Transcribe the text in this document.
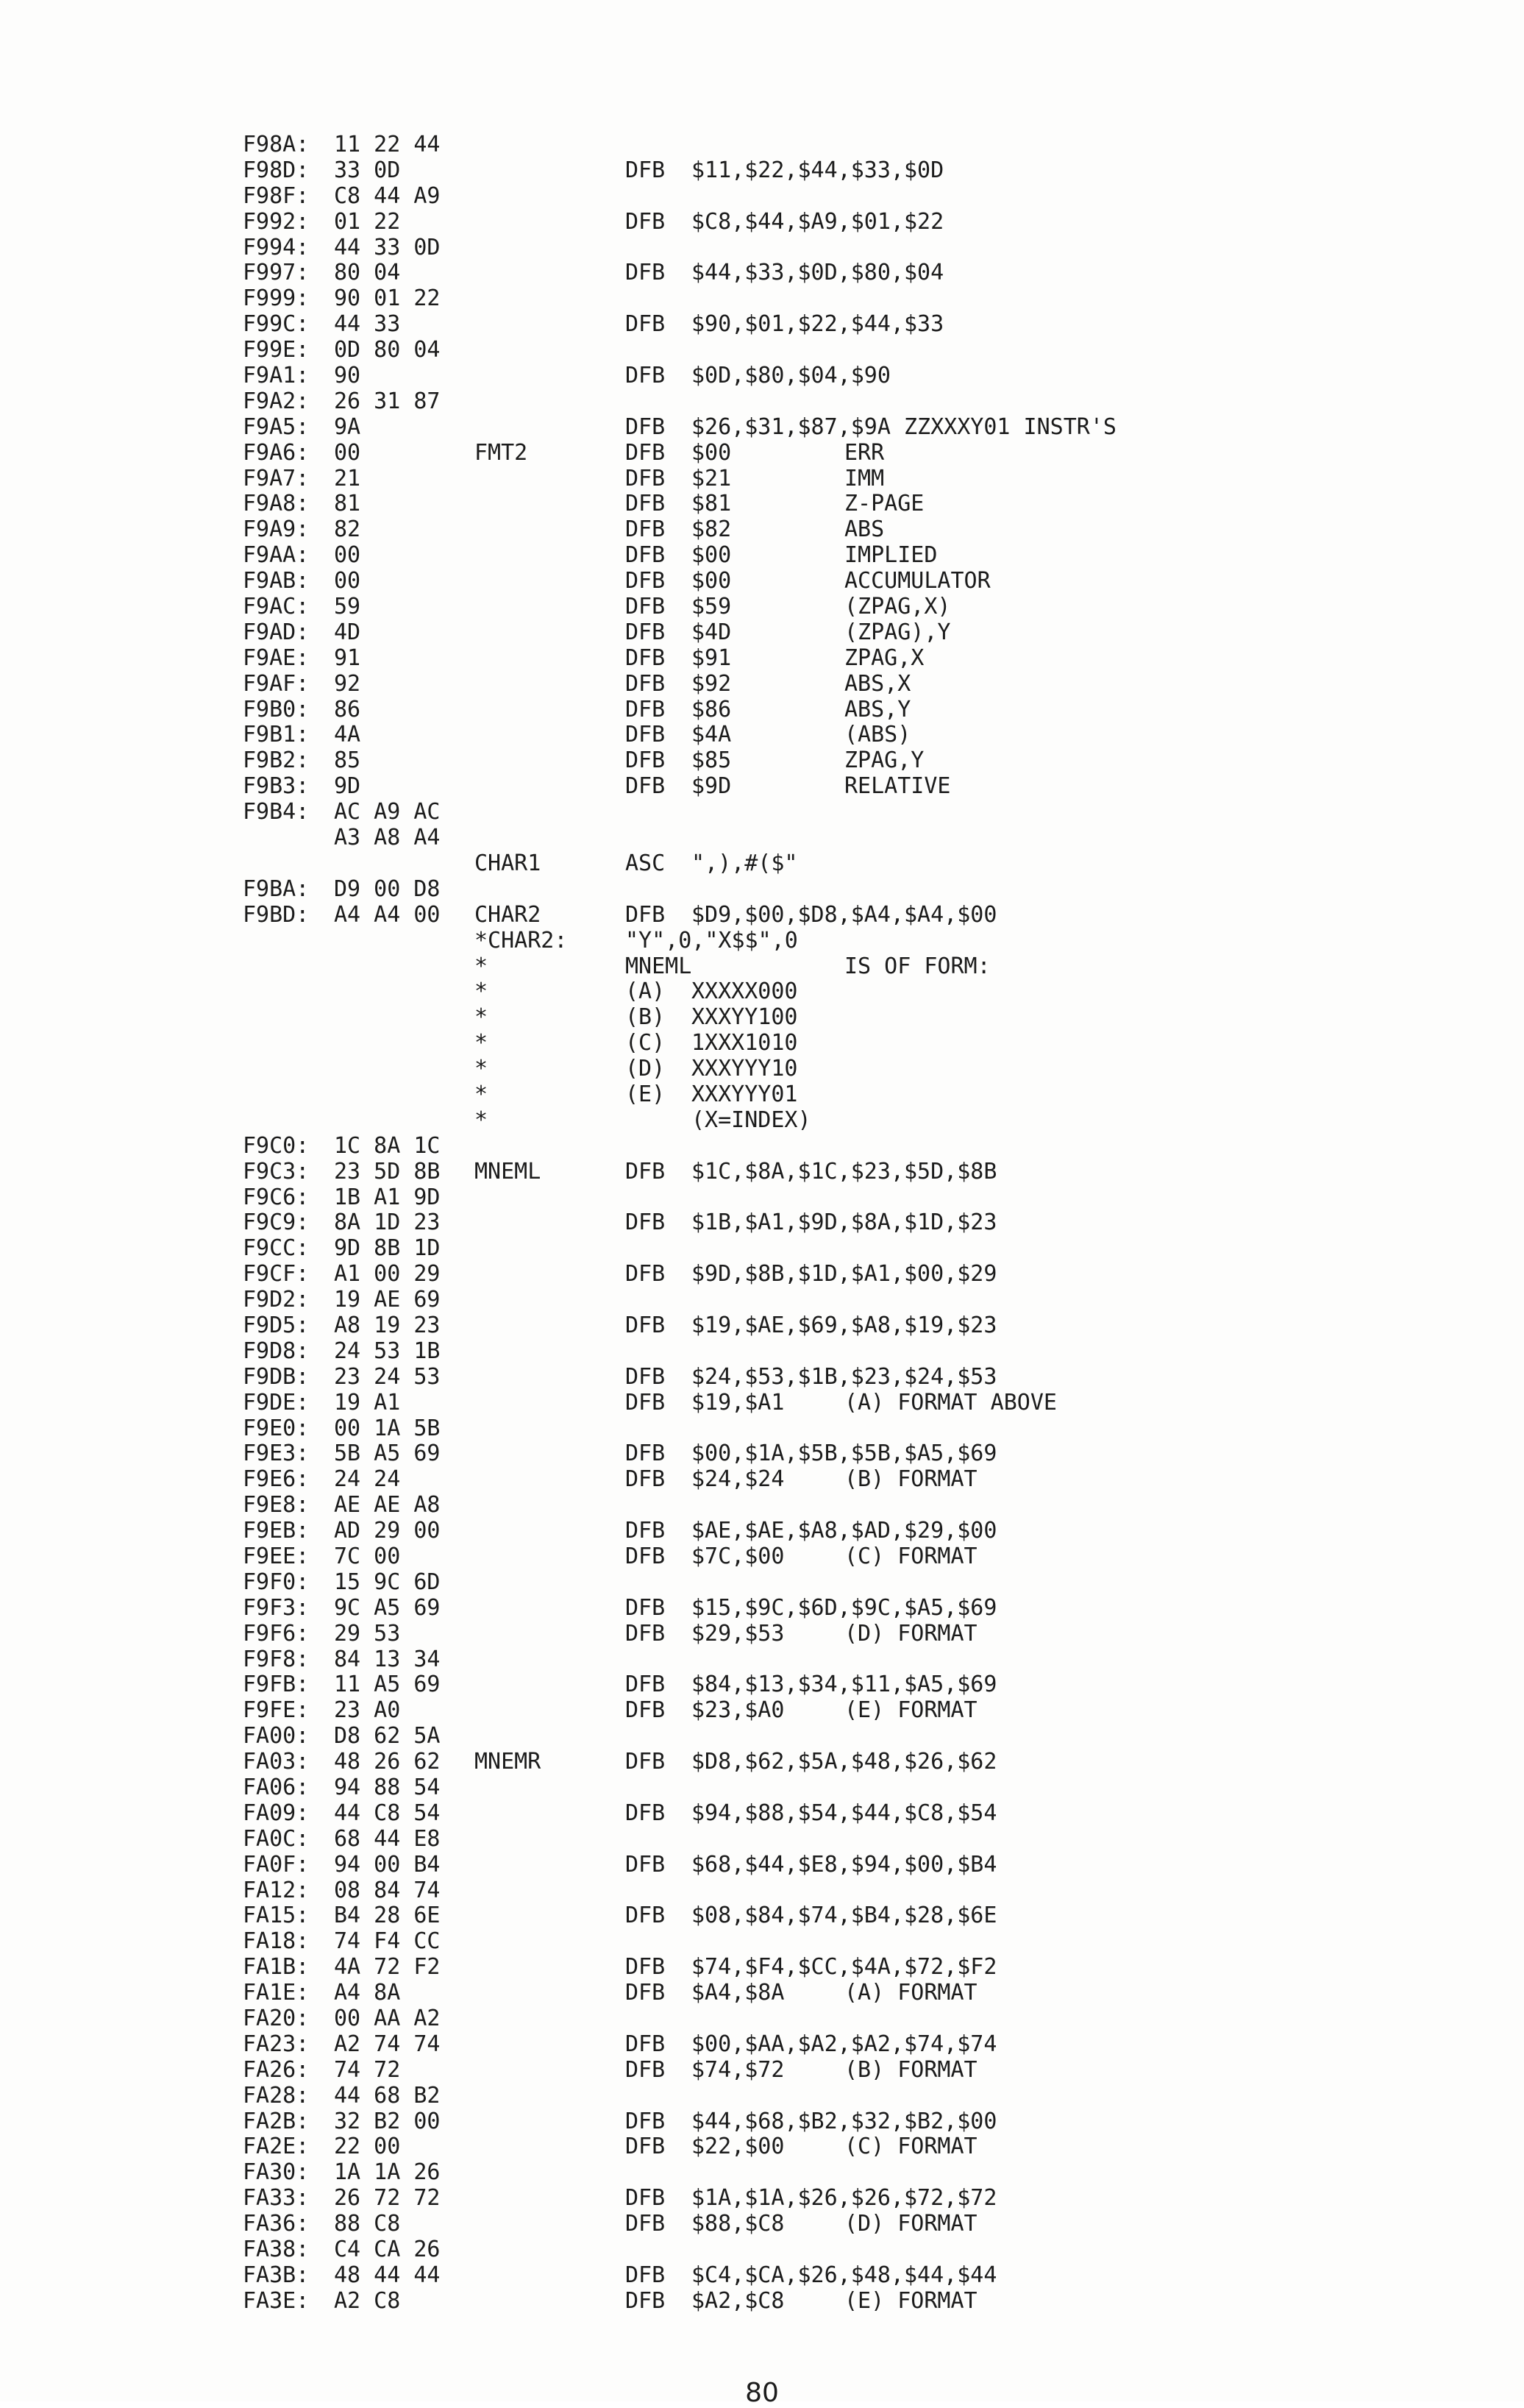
F98A: 11 22 44
F98D: 33 0D	DFB $11,$22,$44,$33,$0D
F98F: C8 44 A9
F992: 01 22	DFB $C8,$44,$A9,$01,$22
F994: 44 33 0D
F997: 80 04	DFB $44,$33,$0D,$80,$04
F999: 90 01 22
F99C: 44 33	DFB $90,$01,$22,$44,$33
F99E: 0D 80 04
F9A1: 90	DFB $0D,$80,$04,$90
F9A2: 26 31 87
F9A5: 9A	DFB $26,$31,$87,$9A ZZXXXY01 INSTR'S
F9A6: 00	FMT2	DFB $00	ERR
F9A7: 21	DFB $21	IMM
F9A8: 81	DFB $81	Z-PAGE
F9A9: 82	DFB $82	ABS
F9AA: 00	DFB $00	IMPLIED
F9AB: 00	DFB $00	ACCUMULATOR
F9AC: 59	DFB $59	(ZPAG,X)
F9AD: 4D	DFB $4D	(ZPAG),Y
F9AE: 91	DFB $91	ZPAG,X
F9AF: 92	DFB $92	ABS,X
F9B0: 86	DFB $86	ABS,Y
F9B1: 4A	DFB $4A	(ABS)
F9B2: 85	DFB $85	ZPAG,Y
F9B3: 9D	DFB $9D	RELATIVE
F9B4: AC A9 AC
A3 A8 A4
CHAR1	ASC ",),#($"
F9BA: D9 00 D8
F9BD: A4 A4 00 CHAR2	DFB $D9,$00,$D8,$A4,$A4,$00
*CHAR2:	"Y",0,"X$$",0
*	MNEML	IS OF FORM:
*	(A) XXXXX000
*	(B) XXXYY100
*	(C) 1XXX1010
*	(D) XXXYYY10
*	(E) XXXYYY01
*	(X=INDEX)
F9C0: 1C 8A 1C
F9C3: 23 5D 8B MNEML	DFB $1C,$8A,$1C,$23,$5D,$8B
F9C6: 1B A1 9D
F9C9: 8A 1D 23	DFB $1B,$A1,$9D,$8A,$1D,$23
F9CC: 9D 8B 1D
F9CF: A1 00 29	DFB $9D,$8B,$1D,$A1,$00,$29
F9D2: 19 AE 69
F9D5: A8 19 23	DFB $19,$AE,$69,$A8,$19,$23
F9D8: 24 53 1B
F9DB: 23 24 53	DFB $24,$53,$1B,$23,$24,$53
F9DE: 19 A1	DFB $19,$A1	(A) FORMAT ABOVE
F9E0: 00 1A 5B
F9E3: 5B A5 69	DFB $00,$1A,$5B,$5B,$A5,$69
F9E6: 24 24	DFB $24,$24	(B) FORMAT
F9E8: AE AE A8
F9EB: AD 29 00	DFB $AE,$AE,$A8,$AD,$29,$00
F9EE: 7C 00	DFB $7C,$00	(C) FORMAT
F9F0: 15 9C 6D
F9F3: 9C A5 69	DFB $15,$9C,$6D,$9C,$A5,$69
F9F6: 29 53	DFB $29,$53	(D) FORMAT
F9F8: 84 13 34
F9FB: 11 A5 69	DFB $84,$13,$34,$11,$A5,$69
F9FE: 23 A0	DFB $23,$A0	(E) FORMAT
FA00: D8 62 5A
FA03: 48 26 62 MNEMR	DFB $D8,$62,$5A,$48,$26,$62
FA06: 94 88 54
FA09: 44 C8 54	DFB $94,$88,$54,$44,$C8,$54
FA0C: 68 44 E8
FA0F: 94 00 B4	DFB $68,$44,$E8,$94,$00,$B4
FA12: 08 84 74
FA15: B4 28 6E	DFB $08,$84,$74,$B4,$28,$6E
FA18: 74 F4 CC
FA1B: 4A 72 F2	DFB $74,$F4,$CC,$4A,$72,$F2
FA1E: A4 8A	DFB $A4,$8A	(A) FORMAT
FA20: 00 AA A2
FA23: A2 74 74	DFB $00,$AA,$A2,$A2,$74,$74
FA26: 74 72	DFB $74,$72	(B) FORMAT
FA28: 44 68 B2
FA2B: 32 B2 00	DFB $44,$68,$B2,$32,$B2,$00
FA2E: 22 00	DFB $22,$00	(C) FORMAT
FA30: 1A 1A 26
FA33: 26 72 72	DFB $1A,$1A,$26,$26,$72,$72
FA36: 88 C8	DFB $88,$C8	(D) FORMAT
FA38: C4 CA 26
FA3B: 48 44 44	DFB $C4,$CA,$26,$48,$44,$44
FA3E: A2 C8	DFB $A2,$C8	(E) FORMAT
80
